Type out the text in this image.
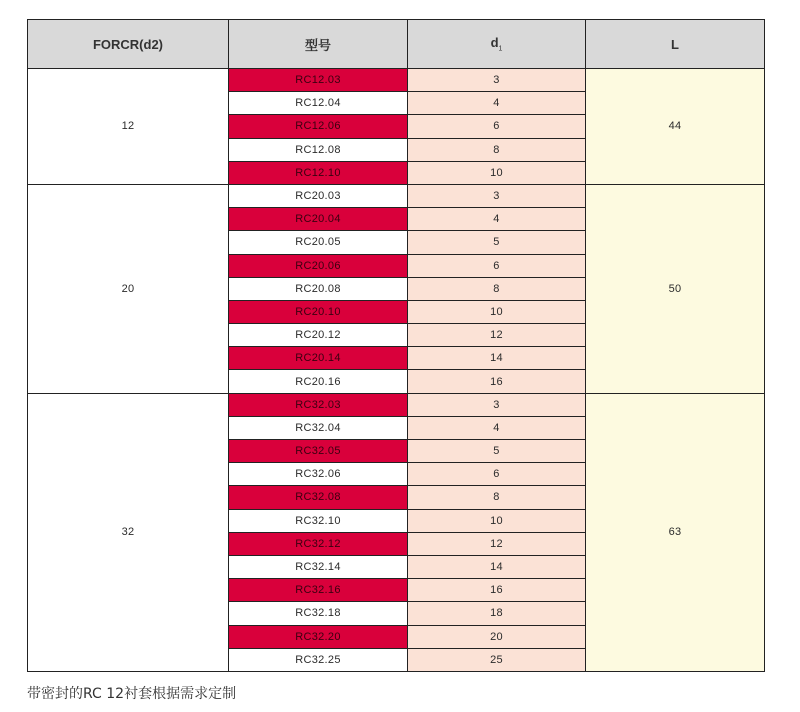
FORCR(d2)	型号	$d_1$	L
12	RC12.03	3	44
	RC12.04	4	
	RC12.06	6	
	RC12.08	8	
	RC12.10	10	
20	RC20.03	3	50
	RC20.04	4	
	RC20.05	5	
	RC20.06	6	
	RC20.08	8	
	RC20.10	10	
	RC20.12	12	
	RC20.14	14	
	RC20.16	16	
32	RC32.03	3	63
	RC32.04	4	
	RC32.05	5	
	RC32.06	6	
	RC32.08	8	
	RC32.10	10	
	RC32.12	12	
	RC32.14	14	
	RC32.16	16	
	RC32.18	18	
	RC32.20	20	
	RC32.25	25	
带密封的RC 12衬套根据需求定制
